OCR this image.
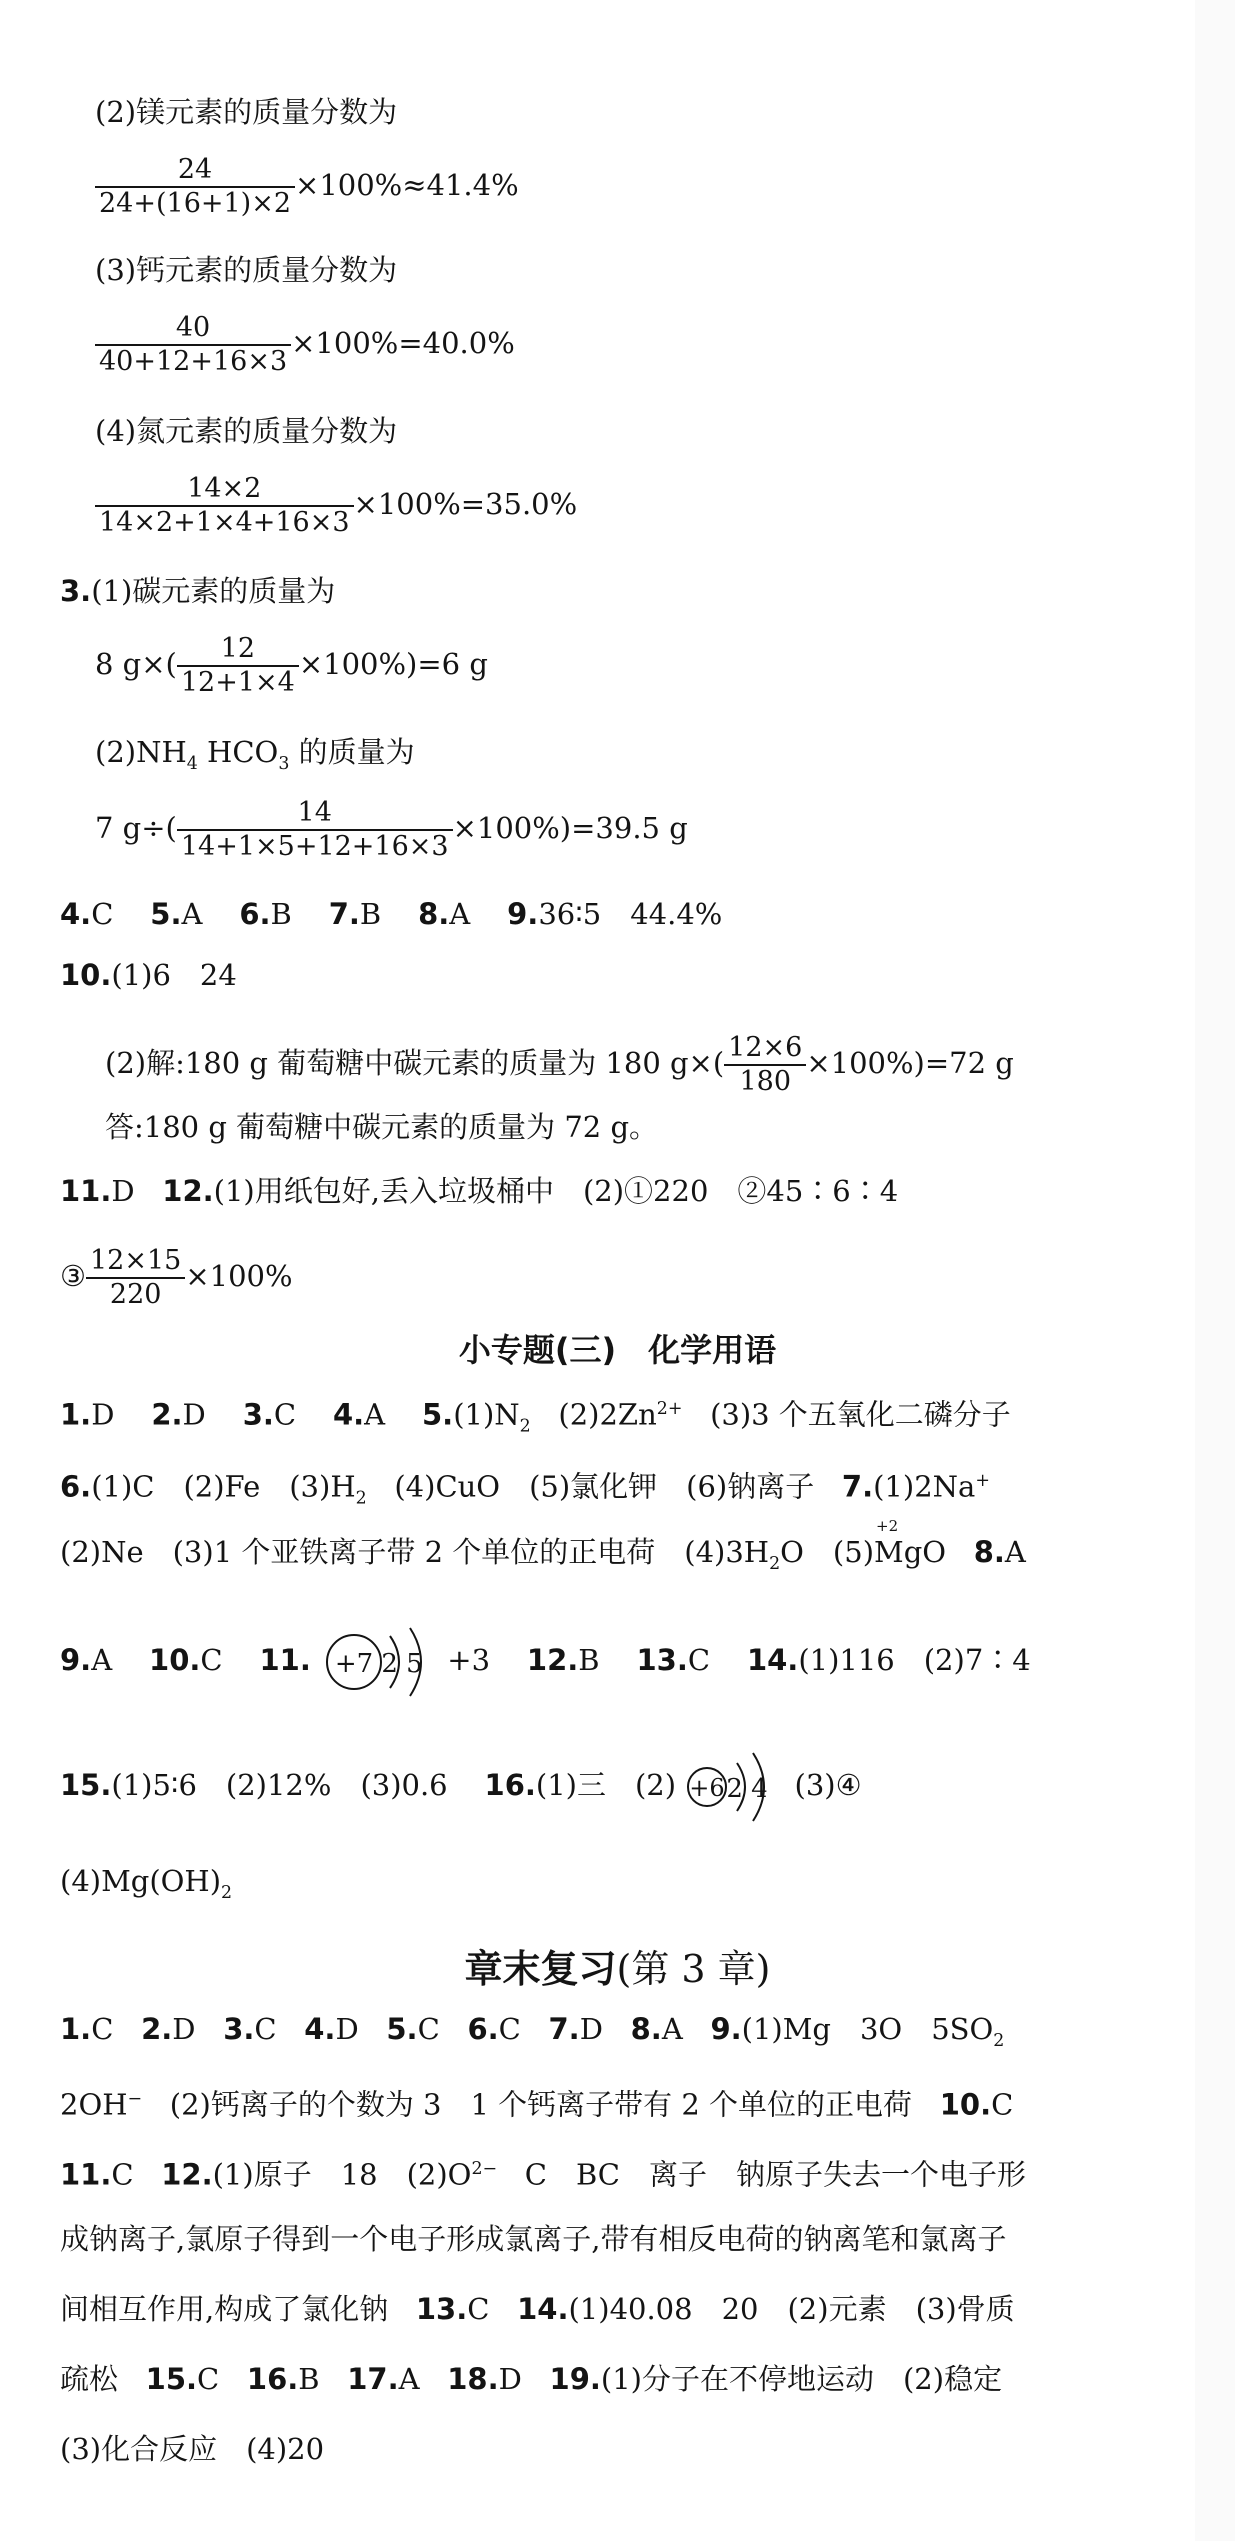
(2)镁元素的质量分数为
$\frac{24}{24+(16+1)\times 2} \times 100\%\approx 41.4\%$
(3)钙元素的质量分数为
$\frac{40}{40+12+16\times 3} \times 100\%=40.0\%$
(4)氮元素的质量分数为
$\frac{14\times 2}{14\times 2+1\times 4+16\times 3} \times 100\%=35.0\%$
3.(1)碳元素的质量为
8 $g\times( \frac{12}{12+1\times 4} \times 100\%)=6$ g
$(2)NH_4$ $HCO_3$ 的质量为
7 $g\div( \frac{14}{14+1\times 5+12+16\times 3} \times 100\%)=39.5$ g
4.C 5.A 6.B 7.B 8.A 9.36∶5　44.4%
10.(1)6　24
(2)解:180 g 葡萄糖中碳元素的质量为 180 $g\times( \frac{12\times 6}{180} \times 100\%)=72$ g
答:180 g 葡萄糖中碳元素的质量为 72 g。
11.D 12.(1)用纸包好,丢入垃圾桶中　(2)①220　②45∶6∶4
③ $\frac{12\times 15}{220} \times 100\%$
小专题(三)　化学用语
1.D 2.D 3.C 4.A $5.(1)N_2$ $(2)2Zn^{2+}$ (3)3 个五氧化二磷分子
6.(1)C　(2)Fe　$(3)H_2$ (4)CuO　(5)氯化钾　(6)钠离子 7.(1)2Na+
(2)Ne　(3)1 个亚铁离子带 2 个单位的正电荷　$(4)3H_2O$　(5)
+2
MgO 8.A
9.A 10.C 11. +7 2 5 +3 12.B 13.C 14.(1)116　(2)7∶4
15.(1)5∶6　(2)12%　(3)0.6 16.(1)三　(2) +6 2 4 (3)④
$(4)Mg(OH)_2$
章末复习(第 3 章)
1.C 2.D 3.C 4.D 5.C 6.C 7.D 8.A 9.(1)Mg　3O　$5SO_2$
2OH− (2)钙离子的个数为 3　1 个钙离子带有 2 个单位的正电荷 10.C
11.C 12.(1)原子　18　$(2)O^{2-}$ C　BC　离子　钠原子失去一个电子形
成钠离子,氯原子得到一个电子形成氯离子,带有相反电荷的钠离笔和氯离子
间相互作用,构成了氯化钠 13.C 14.(1)40.08　20　(2)元素　(3)骨质
疏松 15.C 16.B 17.A 18.D 19.(1)分子在不停地运动　(2)稳定
(3)化合反应　(4)20
